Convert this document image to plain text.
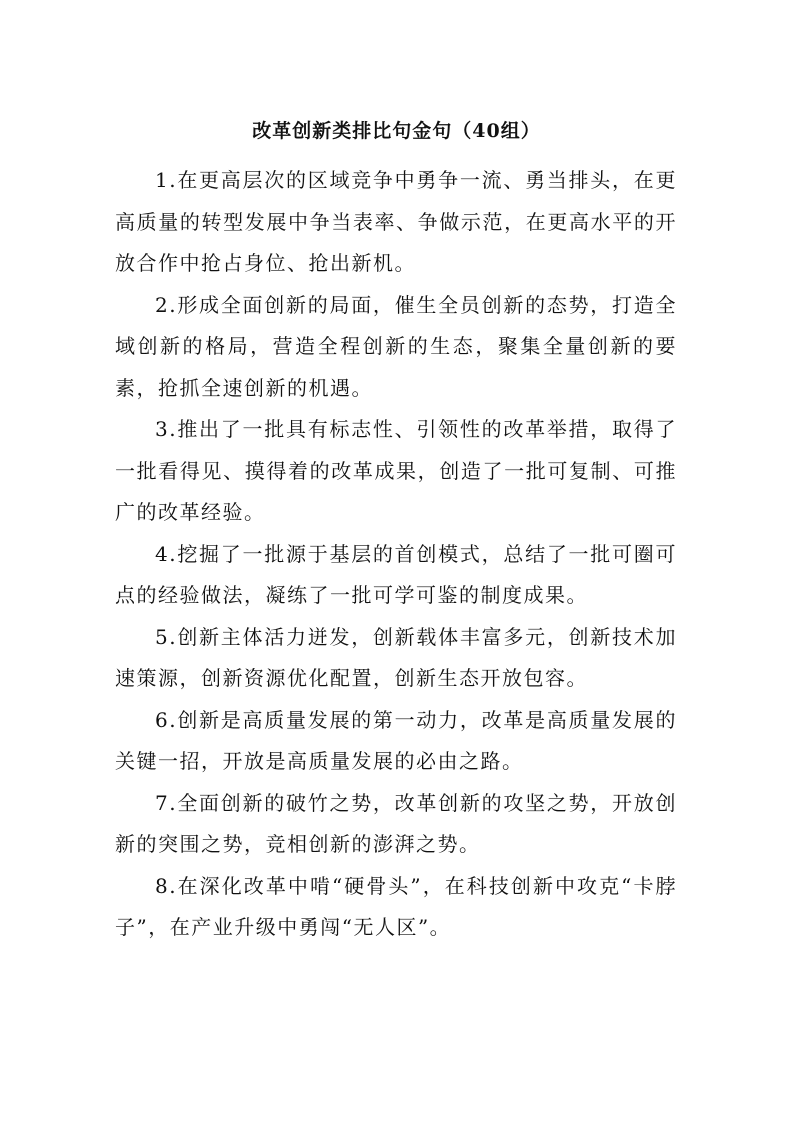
改革创新类排比句金句（40组）

1.在更高层次的区域竞争中勇争一流、勇当排头，在更高质量的转型发展中争当表率、争做示范，在更高水平的开放合作中抢占身位、抢出新机。

2.形成全面创新的局面，催生全员创新的态势，打造全域创新的格局，营造全程创新的生态，聚集全量创新的要素，抢抓全速创新的机遇。

3.推出了一批具有标志性、引领性的改革举措，取得了一批看得见、摸得着的改革成果，创造了一批可复制、可推广的改革经验。

4.挖掘了一批源于基层的首创模式，总结了一批可圈可点的经验做法，凝练了一批可学可鉴的制度成果。

5.创新主体活力迸发，创新载体丰富多元，创新技术加速策源，创新资源优化配置，创新生态开放包容。

6.创新是高质量发展的第一动力，改革是高质量发展的关键一招，开放是高质量发展的必由之路。

7.全面创新的破竹之势，改革创新的攻坚之势，开放创新的突围之势，竞相创新的澎湃之势。

8.在深化改革中啃“硬骨头”，在科技创新中攻克“卡脖子”，在产业升级中勇闯“无人区”。
